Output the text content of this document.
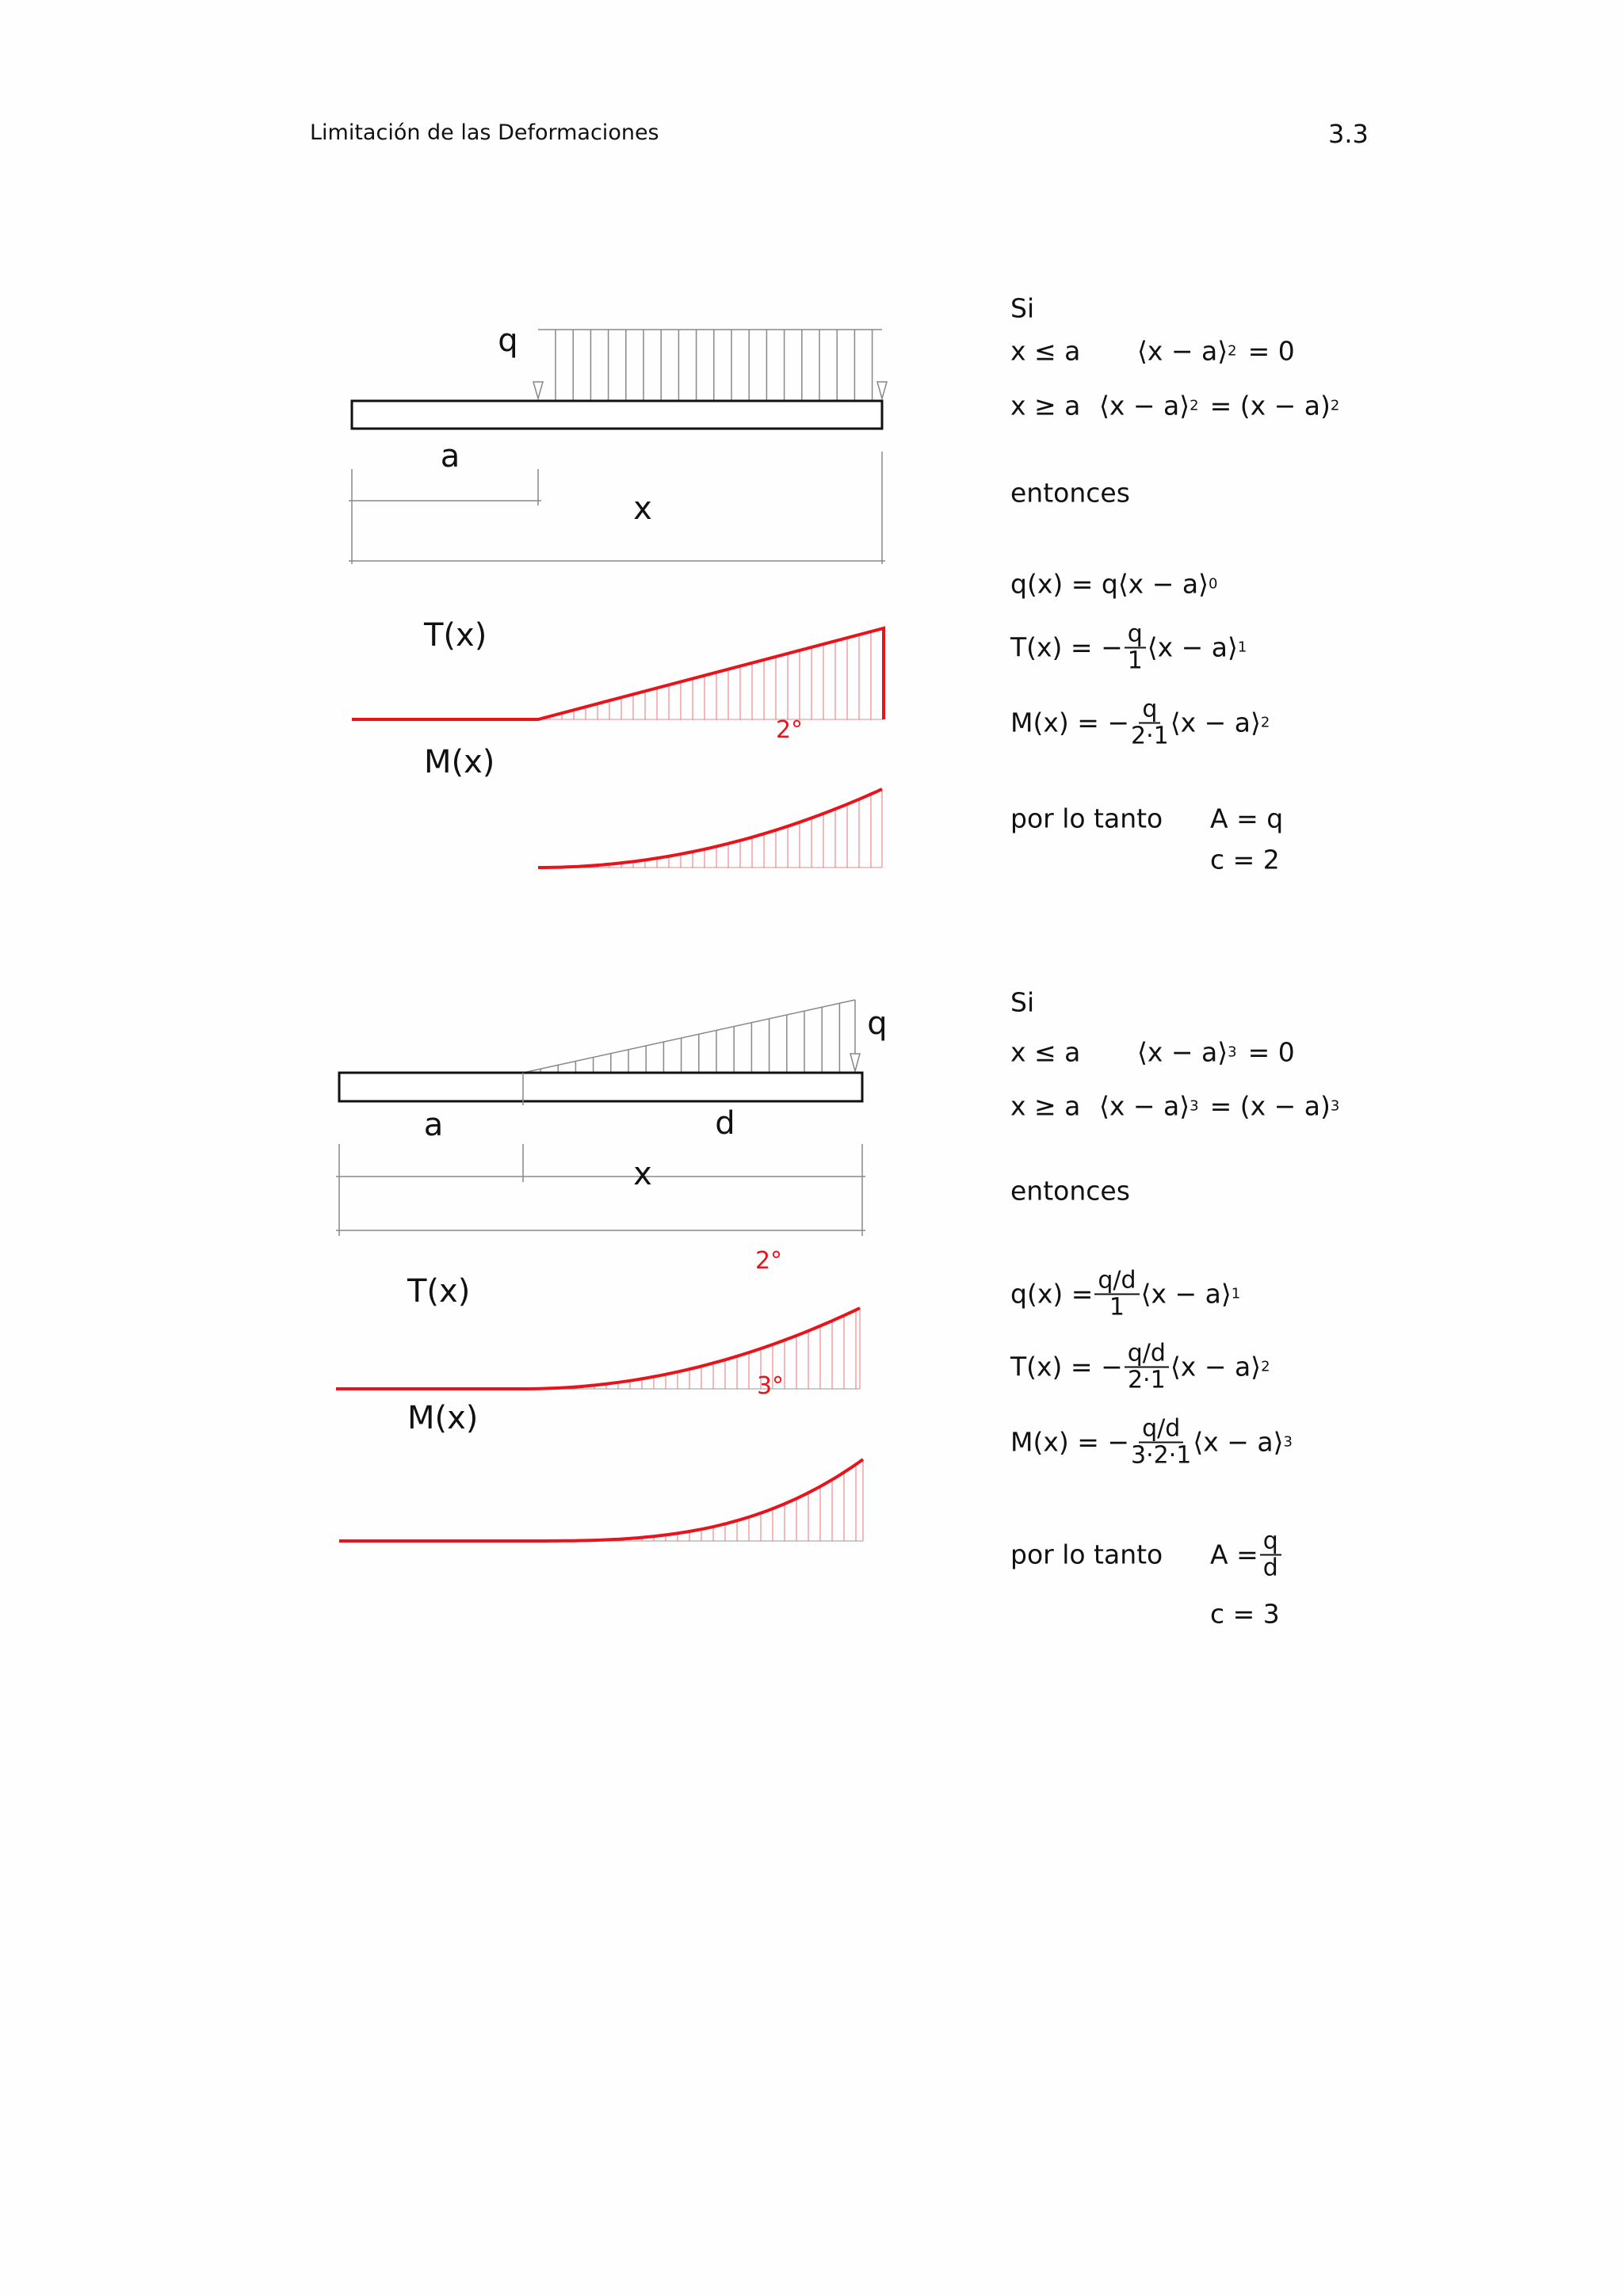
Limitación de las Deformaciones	3.3
q
a
x
T(x)
M(x)
2°
q
a	d
x
T(x)
2°
M(x)
3°
Si
x ≤ a	⟨x − a⟩ 2 = 0
x ≥ a ⟨x − a⟩ 2 = (x − a) 2
entonces
q(x) = q ⟨x − a⟩ 0
T(x) = − $\frac{q}{1}$ ⟨x − a⟩ 1
M(x) = − $\frac{q}{2\cdot 1}$ ⟨x − a⟩ 2
por lo tanto	A = q
c = 2
Si
x ≤ a	⟨x − a⟩ 3 = 0
x ≥ a ⟨x − a⟩ 3 = (x − a) 3
entonces
$q(x) = \frac{q/d}{1}$ ⟨x − a⟩ 1
T(x) = − $\frac{q/d}{2\cdot 1}$ ⟨x − a⟩ 2
M(x) = − $\frac{q/d}{3\cdot 2\cdot 1}$ ⟨x − a⟩ 3
por lo tanto	$A = \frac{q}{d}$
c = 3
